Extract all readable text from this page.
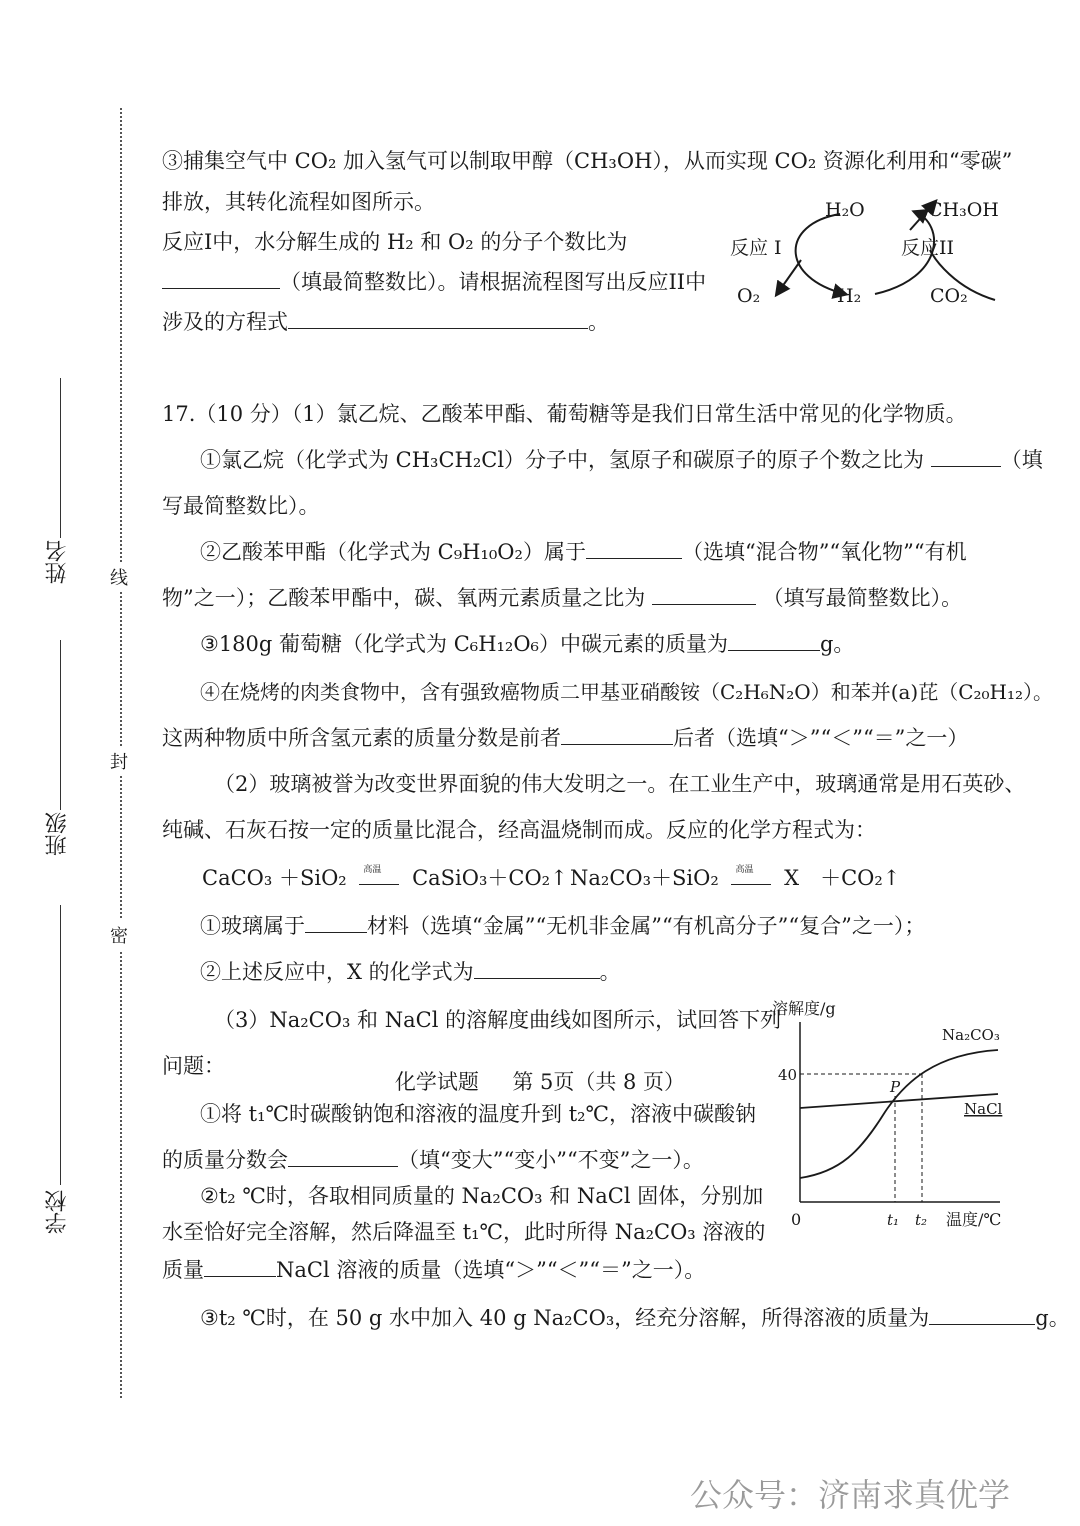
姓名
班级
学校
线
封
密
③捕集空气中 CO₂ 加入氢气可以制取甲醇（CH₃OH），从而实现 CO₂ 资源化利用和“零碳”
排放，其转化流程如图所示。
反应I中，水分解生成的 H₂ 和 O₂ 的分子个数比为
（填最简整数比）。请根据流程图写出反应II中
涉及的方程式	。
H₂O	CH₃OH
反应 I	反应II
O₂	H₂	CO₂
17.（10 分）（1）氯乙烷、乙酸苯甲酯、葡萄糖等是我们日常生活中常见的化学物质。
①氯乙烷（化学式为 CH₃CH₂Cl）分子中，氢原子和碳原子的原子个数之比为	（填
写最简整数比）。
②乙酸苯甲酯（化学式为 C₉H₁₀O₂）属于	（选填“混合物”“氧化物”“有机
物”之一）；乙酸苯甲酯中，碳、氧两元素质量之比为	（填写最简整数比）。
③180g 葡萄糖（化学式为 C₆H₁₂O₆）中碳元素的质量为	g。
④在烧烤的肉类食物中，含有强致癌物质二甲基亚硝酸铵（C₂H₆N₂O）和苯并(a)芘（C₂₀H₁₂）。
这两种物质中所含氢元素的质量分数是前者	后者（选填“＞”“＜”“＝”之一）
（2）玻璃被誉为改变世界面貌的伟大发明之一。在工业生产中，玻璃通常是用石英砂、
纯碱、石灰石按一定的质量比混合，经高温烧制而成。反应的化学方程式为：
CaCO₃ ＋SiO₂ 高温 CaSiO₃＋CO₂↑ Na₂CO₃＋SiO₂ 高温 X　＋CO₂↑
①玻璃属于	材料（选填“金属”“无机非金属”“有机高分子”“复合”之一）；
②上述反应中，X 的化学式为	。
（3）Na₂CO₃ 和 NaCl 的溶解度曲线如图所示，试回答下列
问题：
①将 t₁℃时碳酸钠饱和溶液的温度升到 t₂℃，溶液中碳酸钠
的质量分数会	（填“变大”“变小”“不变”之一）。
②t₂ ℃时，各取相同质量的 Na₂CO₃ 和 NaCl 固体，分别加
水至恰好完全溶解，然后降温至 t₁℃，此时所得 Na₂CO₃ 溶液的
质量	NaCl 溶液的质量（选填“＞”“＜”“＝”之一）。
③t₂ ℃时，在 50 g 水中加入 40 g Na₂CO₃，经充分溶解，所得溶液的质量为	g。
溶解度/g
温度/℃
0
40
t₁ t₂
Na₂CO₃
NaCl
P
化学试题 第 5页（共 8 页）
公众号：济南求真优学
